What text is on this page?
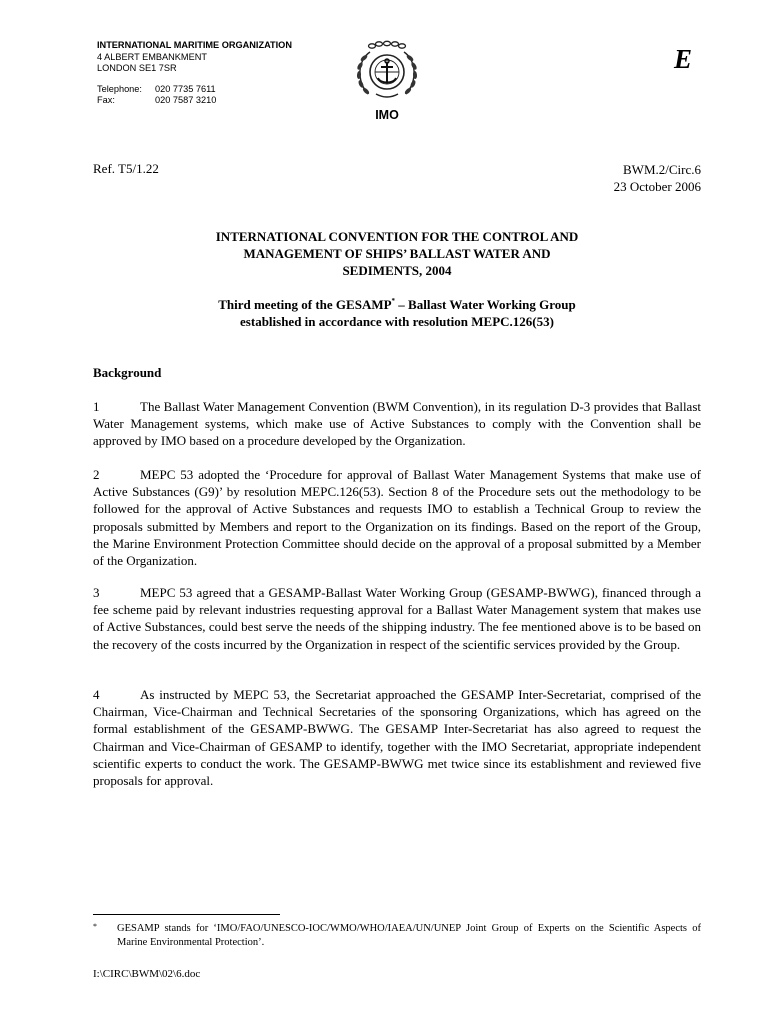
INTERNATIONAL MARITIME ORGANIZATION
4 ALBERT EMBANKMENT
LONDON SE1 7SR
Telephone:	020 7735 7611
Fax:	020 7587 3210
IMO
E
Ref. T5/1.22	BWM.2/Circ.6
23 October 2006
INTERNATIONAL CONVENTION FOR THE CONTROL AND
MANAGEMENT OF SHIPS’ BALLAST WATER AND
SEDIMENTS, 2004
Third meeting of the GESAMP* – Ballast Water Working Group
established in accordance with resolution MEPC.126(53)
Background
1	The Ballast Water Management Convention (BWM Convention), in its regulation D-3 provides that Ballast Water Management systems, which make use of Active Substances to comply with the Convention shall be approved by IMO based on a procedure developed by the Organization.
2	MEPC 53 adopted the ‘Procedure for approval of Ballast Water Management Systems that make use of Active Substances (G9)’ by resolution MEPC.126(53). Section 8 of the Procedure sets out the methodology to be followed for the approval of Active Substances and requests IMO to establish a Technical Group to review the proposals submitted by Members and report to the Organization on its findings. Based on the report of the Group, the Marine Environment Protection Committee should decide on the approval of a proposal submitted by a Member of the Organization.
3	MEPC 53 agreed that a GESAMP-Ballast Water Working Group (GESAMP-BWWG), financed through a fee scheme paid by relevant industries requesting approval for a Ballast Water Management system that makes use of Active Substances, could best serve the needs of the shipping industry. The fee mentioned above is to be based on the recovery of the costs incurred by the Organization in respect of the scientific services provided by the Group.
4	As instructed by MEPC 53, the Secretariat approached the GESAMP Inter-Secretariat, comprised of the Chairman, Vice-Chairman and Technical Secretaries of the sponsoring Organizations, which has agreed on the formal establishment of the GESAMP-BWWG. The GESAMP Inter-Secretariat has also agreed to request the Chairman and Vice-Chairman of GESAMP to identify, together with the IMO Secretariat, appropriate independent scientific experts to conduct the work. The GESAMP-BWWG met twice since its establishment and reviewed five proposals for approval.
* GESAMP stands for ‘IMO/FAO/UNESCO-IOC/WMO/WHO/IAEA/UN/UNEP Joint Group of Experts on the Scientific Aspects of Marine Environmental Protection’.
I:\CIRC\BWM\02\6.doc
